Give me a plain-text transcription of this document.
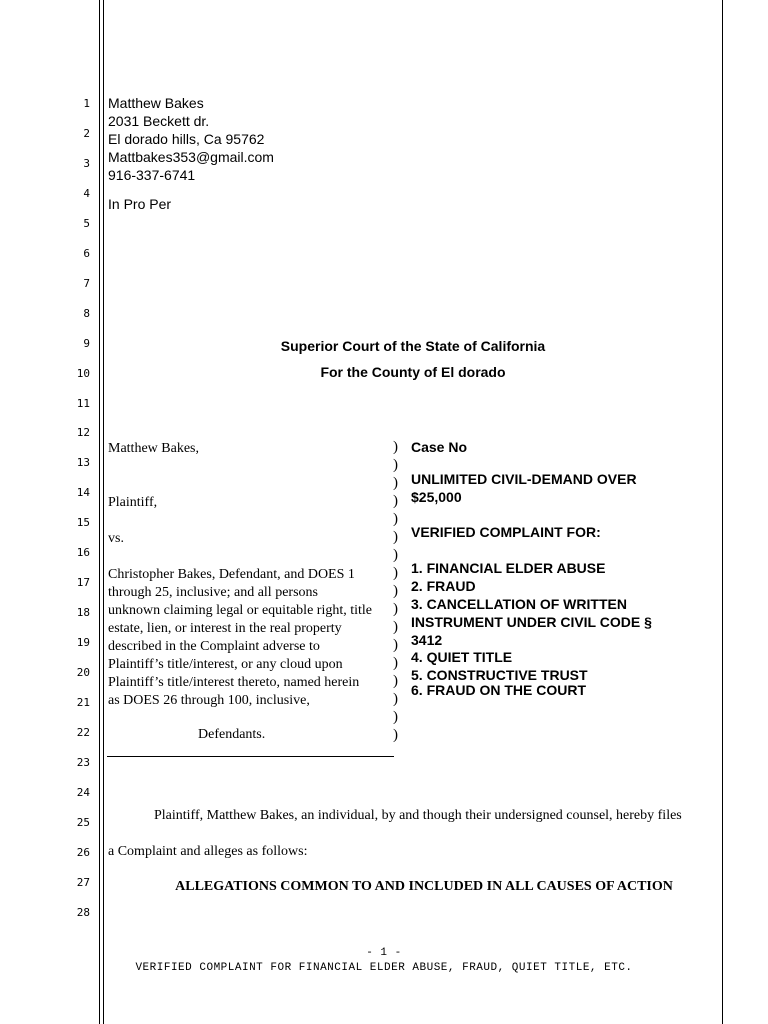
1
2
3
4
5
6
7
8
9
10
11
12
13
14
15
16
17
18
19
20
21
22
23
24
25
26
27
28
Matthew Bakes
2031 Beckett dr.
El dorado hills, Ca 95762
Mattbakes353@gmail.com
916-337-6741
In Pro Per
Superior Court of the State of California
For the County of El dorado
Matthew Bakes,
Plaintiff,
vs.
Christopher Bakes, Defendant, and DOES 1
through 25, inclusive; and all persons
unknown claiming legal or equitable right, title
estate, lien, or interest in the real property
described in the Complaint adverse to
Plaintiff’s title/interest, or any cloud upon
Plaintiff’s title/interest thereto, named herein
as DOES 26 through 100, inclusive,
Defendants.
)
)
)
)
)
)
)
)
)
)
)
)
)
)
)
)
)
Case No
UNLIMITED CIVIL-DEMAND OVER
$25,000
VERIFIED COMPLAINT FOR:
1. FINANCIAL ELDER ABUSE
2. FRAUD
3. CANCELLATION OF WRITTEN
INSTRUMENT UNDER CIVIL CODE §
3412
4. QUIET TITLE
5. CONSTRUCTIVE TRUST
6. FRAUD ON THE COURT
Plaintiff, Matthew Bakes, an individual, by and though their undersigned counsel, hereby files
a Complaint and alleges as follows:
ALLEGATIONS COMMON TO AND INCLUDED IN ALL CAUSES OF ACTION
- 1 -
VERIFIED COMPLAINT FOR FINANCIAL ELDER ABUSE, FRAUD, QUIET TITLE, ETC.
